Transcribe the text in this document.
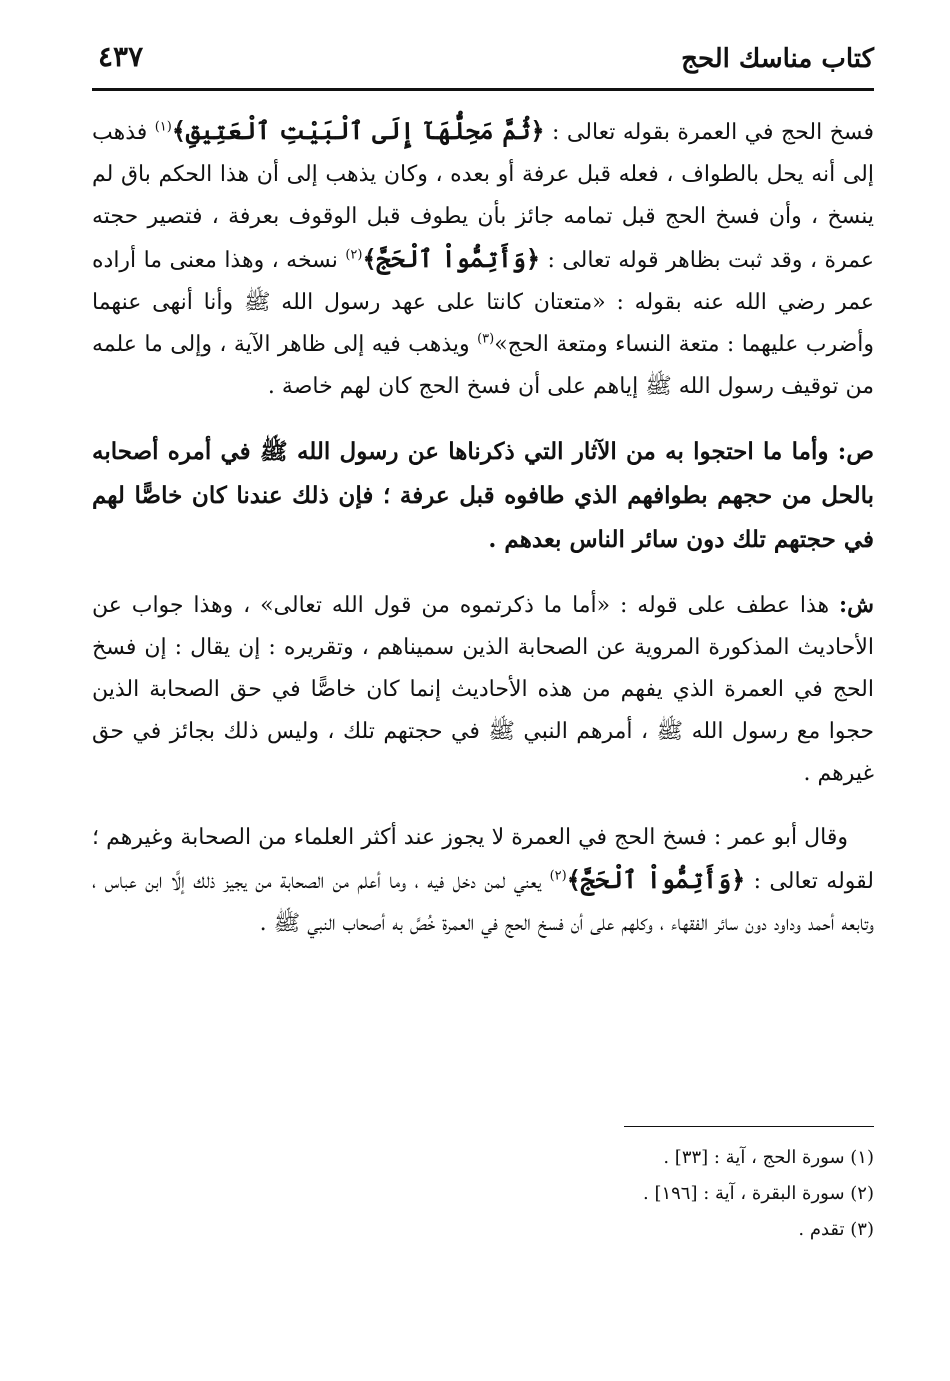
كتاب مناسك الحج
٤٣٧

فسخ الحج في العمرة بقوله تعالى : ﴿ثُمَّ مَحِلُّهَآ إِلَى ٱلْبَيْتِ ٱلْعَتِيقِ﴾$^{(١)}$ فذهب إلى أنه يحل بالطواف ، فعله قبل عرفة أو بعده ، وكان يذهب إلى أن هذا الحكم باق لم ينسخ ، وأن فسخ الحج قبل تمامه جائز بأن يطوف قبل الوقوف بعرفة ، فتصير حجته عمرة ، وقد ثبت بظاهر قوله تعالى : ﴿وَأَتِمُّواْ ٱلْحَجَّ﴾$^{(٢)}$ نسخه ، وهذا معنى ما أراده عمر رضي الله عنه بقوله : «متعتان كانتا على عهد رسول الله ﷺ وأنا أنهى عنهما وأضرب عليهما : متعة النساء ومتعة الحج»$^{(٣)}$ ويذهب فيه إلى ظاهر الآية ، وإلى ما علمه من توقيف رسول الله ﷺ إياهم على أن فسخ الحج كان لهم خاصة .

ص: وأما ما احتجوا به من الآثار التي ذكرناها عن رسول الله ﷺ في أمره أصحابه بالحل من حجهم بطوافهم الذي طافوه قبل عرفة ؛ فإن ذلك عندنا كان خاصًّا لهم في حجتهم تلك دون سائر الناس بعدهم .

ش: هذا عطف على قوله : «أما ما ذكرتموه من قول الله تعالى» ، وهذا جواب عن الأحاديث المذكورة المروية عن الصحابة الذين سميناهم ، وتقريره : إن يقال : إن فسخ الحج في العمرة الذي يفهم من هذه الأحاديث إنما كان خاصًّا في حق الصحابة الذين حجوا مع رسول الله ﷺ ، أمرهم النبي ﷺ في حجتهم تلك ، وليس ذلك بجائز في حق غيرهم .

وقال أبو عمر : فسخ الحج في العمرة لا يجوز عند أكثر العلماء من الصحابة وغيرهم ؛ لقوله تعالى : ﴿وَأَتِمُّواْ ٱلْحَجَّ﴾$^{(٢)}$ يعني لمن دخل فيه ، وما أعلم من الصحابة من يجيز ذلك إلَّا ابن عباس ، وتابعه أحمد وداود دون سائر الفقهاء ، وكلهم على أن فسخ الحج في العمرة خُصَّ به أصحاب النبي ﷺ .

(١) سورة الحج ، آية : [٣٣] .

(٢) سورة البقرة ، آية : [١٩٦] .

(٣) تقدم .
